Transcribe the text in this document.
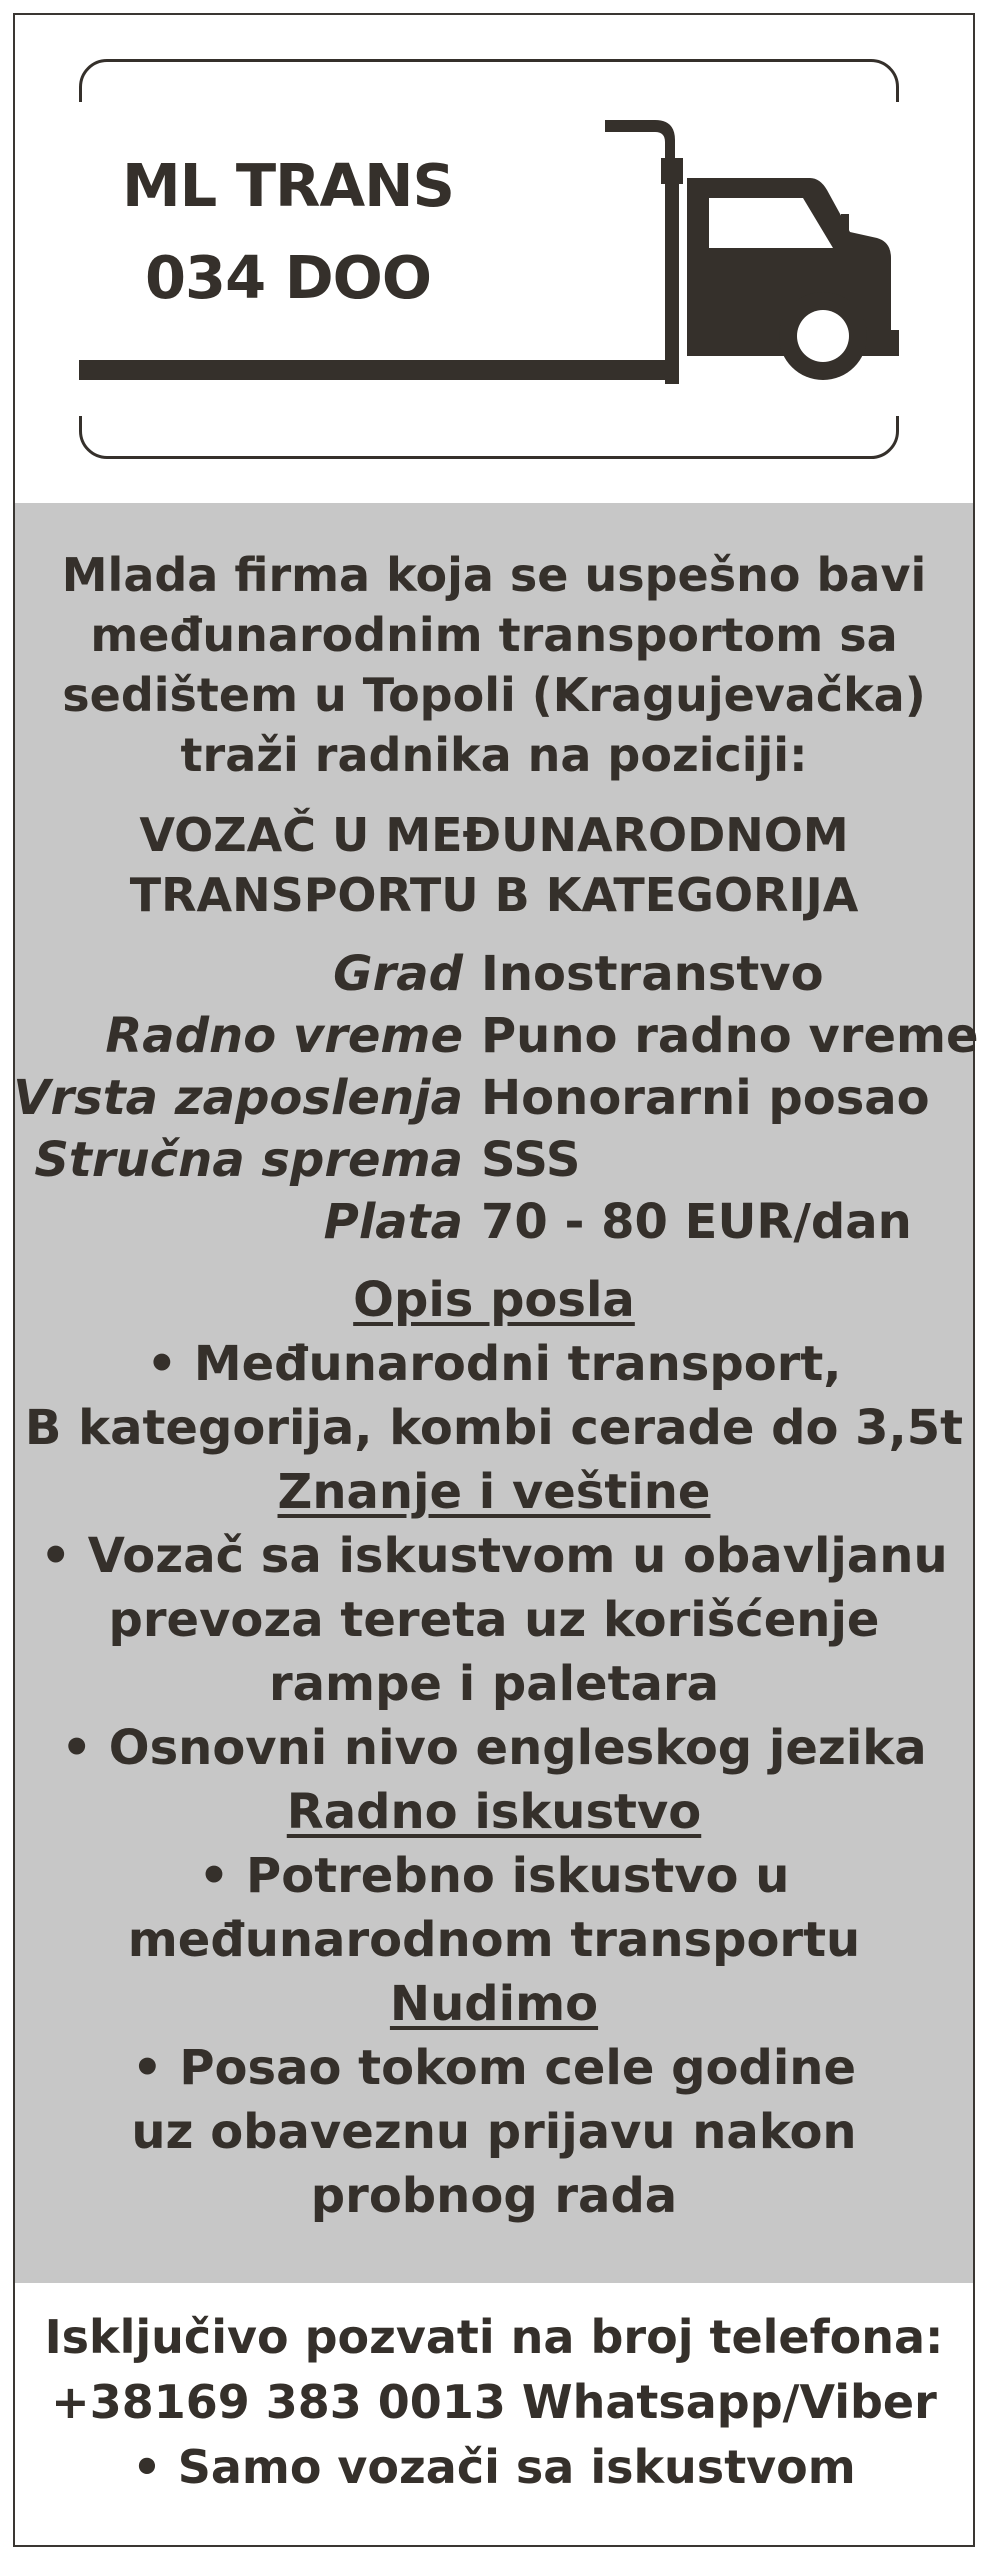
ML TRANS
034 DOO
Mlada firma koja se uspešno bavi
međunarodnim transportom sa
sedištem u Topoli (Kragujevačka)
traži radnika na poziciji:
VOZAČ U MEĐUNARODNOM
TRANSPORTU B KATEGORIJA
Grad Inostranstvo
Radno vreme Puno radno vreme
Vrsta zaposlenja Honorarni posao
Stručna sprema SSS
Plata 70 - 80 EUR/dan
Opis posla
• Međunarodni transport,
B kategorija, kombi cerade do 3,5t
Znanje i veštine
• Vozač sa iskustvom u obavljanu
prevoza tereta uz korišćenje
rampe i paletara
• Osnovni nivo engleskog jezika
Radno iskustvo
• Potrebno iskustvo u
međunarodnom transportu
Nudimo
• Posao tokom cele godine
uz obaveznu prijavu nakon
probnog rada
Isključivo pozvati na broj telefona:
+38169 383 0013 Whatsapp/Viber
• Samo vozači sa iskustvom
